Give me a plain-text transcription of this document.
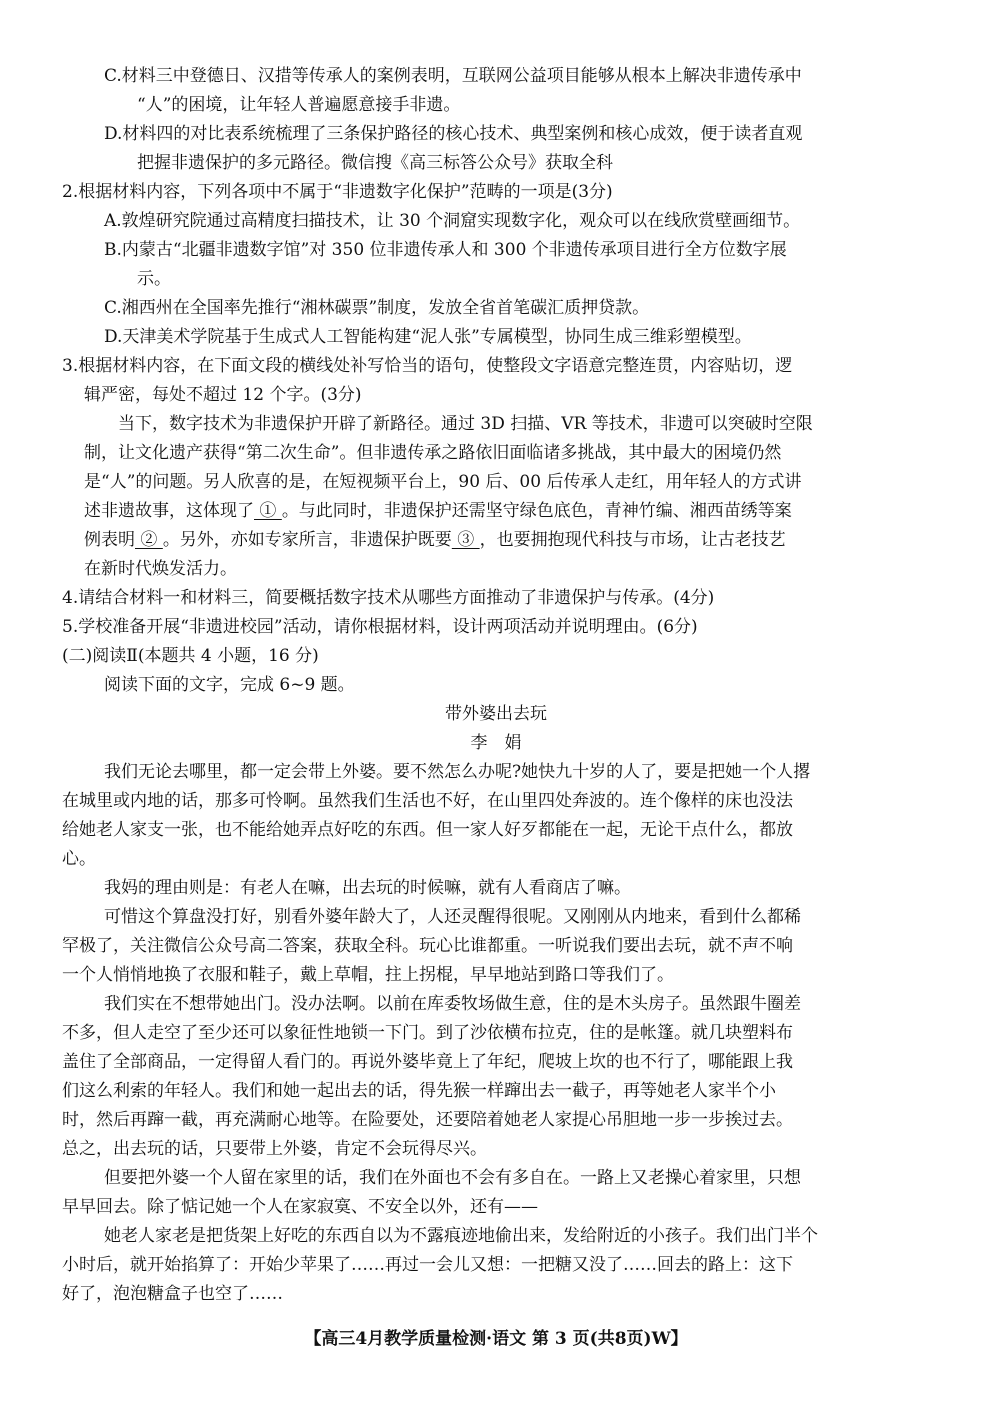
C.材料三中登德日、汉措等传承人的案例表明，互联网公益项目能够从根本上解决非遗传承中
“人”的困境，让年轻人普遍愿意接手非遗。
D.材料四的对比表系统梳理了三条保护路径的核心技术、典型案例和核心成效，便于读者直观
把握非遗保护的多元路径。微信搜《高三标答公众号》获取全科
2.根据材料内容，下列各项中不属于“非遗数字化保护”范畴的一项是(3分)
A.敦煌研究院通过高精度扫描技术，让 30 个洞窟实现数字化，观众可以在线欣赏壁画细节。
B.内蒙古“北疆非遗数字馆”对 350 位非遗传承人和 300 个非遗传承项目进行全方位数字展
示。
C.湘西州在全国率先推行“湘林碳票”制度，发放全省首笔碳汇质押贷款。
D.天津美术学院基于生成式人工智能构建“泥人张”专属模型，协同生成三维彩塑模型。
3.根据材料内容，在下面文段的横线处补写恰当的语句，使整段文字语意完整连贯，内容贴切，逻
辑严密，每处不超过 12 个字。(3分)
当下，数字技术为非遗保护开辟了新路径。通过 3D 扫描、VR 等技术，非遗可以突破时空限
制，让文化遗产获得“第二次生命”。但非遗传承之路依旧面临诸多挑战，其中最大的困境仍然
是“人”的问题。另人欣喜的是，在短视频平台上，90 后、00 后传承人走红，用年轻人的方式讲
述非遗故事，这体现了 ① 。与此同时，非遗保护还需坚守绿色底色，青神竹编、湘西苗绣等案
例表明 ② 。另外，亦如专家所言，非遗保护既要 ③ ，也要拥抱现代科技与市场，让古老技艺
在新时代焕发活力。
4.请结合材料一和材料三，简要概括数字技术从哪些方面推动了非遗保护与传承。(4分)
5.学校准备开展“非遗进校园”活动，请你根据材料，设计两项活动并说明理由。(6分)
(二)阅读Ⅱ(本题共 4 小题，16 分)
阅读下面的文字，完成 6~9 题。
带外婆出去玩
李　娟
我们无论去哪里，都一定会带上外婆。要不然怎么办呢?她快九十岁的人了，要是把她一个人撂
在城里或内地的话，那多可怜啊。虽然我们生活也不好，在山里四处奔波的。连个像样的床也没法
给她老人家支一张，也不能给她弄点好吃的东西。但一家人好歹都能在一起，无论干点什么，都放
心。
我妈的理由则是：有老人在嘛，出去玩的时候嘛，就有人看商店了嘛。
可惜这个算盘没打好，别看外婆年龄大了，人还灵醒得很呢。又刚刚从内地来，看到什么都稀
罕极了，关注微信公众号高二答案，获取全科。玩心比谁都重。一听说我们要出去玩，就不声不响
一个人悄悄地换了衣服和鞋子，戴上草帽，拄上拐棍，早早地站到路口等我们了。
我们实在不想带她出门。没办法啊。以前在库委牧场做生意，住的是木头房子。虽然跟牛圈差
不多，但人走空了至少还可以象征性地锁一下门。到了沙依横布拉克，住的是帐篷。就几块塑料布
盖住了全部商品，一定得留人看门的。再说外婆毕竟上了年纪，爬坡上坎的也不行了，哪能跟上我
们这么利索的年轻人。我们和她一起出去的话，得先猴一样蹿出去一截子，再等她老人家半个小
时，然后再蹿一截，再充满耐心地等。在险要处，还要陪着她老人家提心吊胆地一步一步挨过去。
总之，出去玩的话，只要带上外婆，肯定不会玩得尽兴。
但要把外婆一个人留在家里的话，我们在外面也不会有多自在。一路上又老操心着家里，只想
早早回去。除了惦记她一个人在家寂寞、不安全以外，还有——
她老人家老是把货架上好吃的东西自以为不露痕迹地偷出来，发给附近的小孩子。我们出门半个
小时后，就开始掐算了：开始少苹果了……再过一会儿又想：一把糖又没了……回去的路上：这下
好了，泡泡糖盒子也空了……
【高三4月教学质量检测·语文 第 3 页(共8页)W】
